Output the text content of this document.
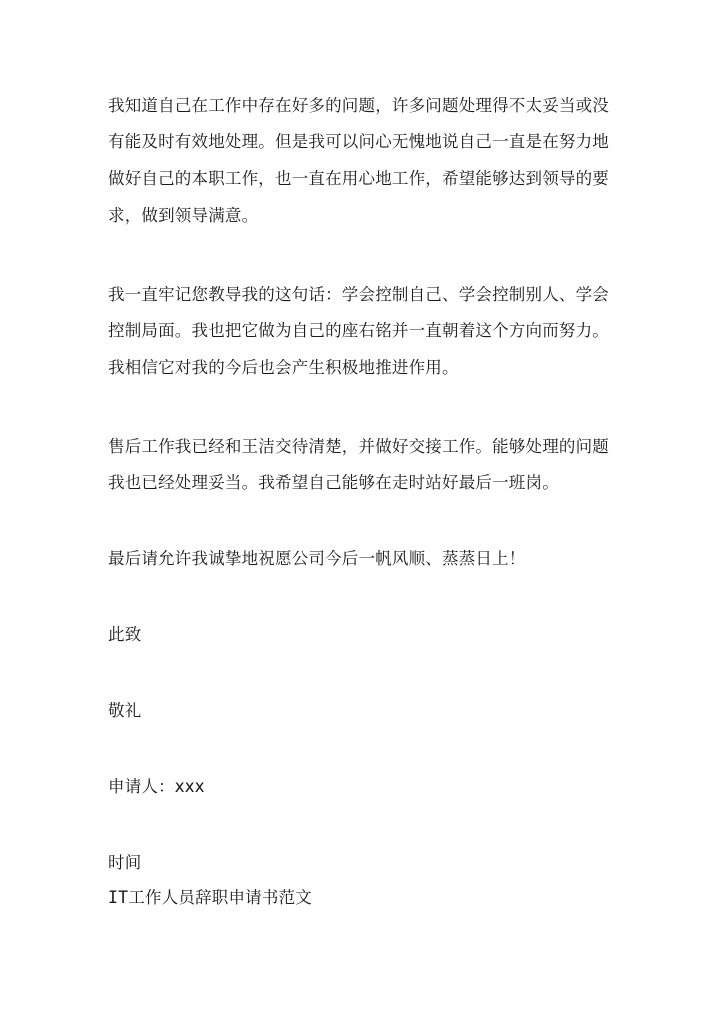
我知道自己在工作中存在好多的问题，许多问题处理得不太妥当或没
有能及时有效地处理。但是我可以问心无愧地说自己一直是在努力地
做好自己的本职工作，也一直在用心地工作，希望能够达到领导的要
求，做到领导满意。
我一直牢记您教导我的这句话：学会控制自己、学会控制别人、学会
控制局面。我也把它做为自己的座右铭并一直朝着这个方向而努力。
我相信它对我的今后也会产生积极地推进作用。
售后工作我已经和王洁交待清楚，并做好交接工作。能够处理的问题
我也已经处理妥当。我希望自己能够在走时站好最后一班岗。
最后请允许我诚挚地祝愿公司今后一帆风顺、蒸蒸日上！
此致
敬礼
申请人：xxx
时间
IT工作人员辞职申请书范文
